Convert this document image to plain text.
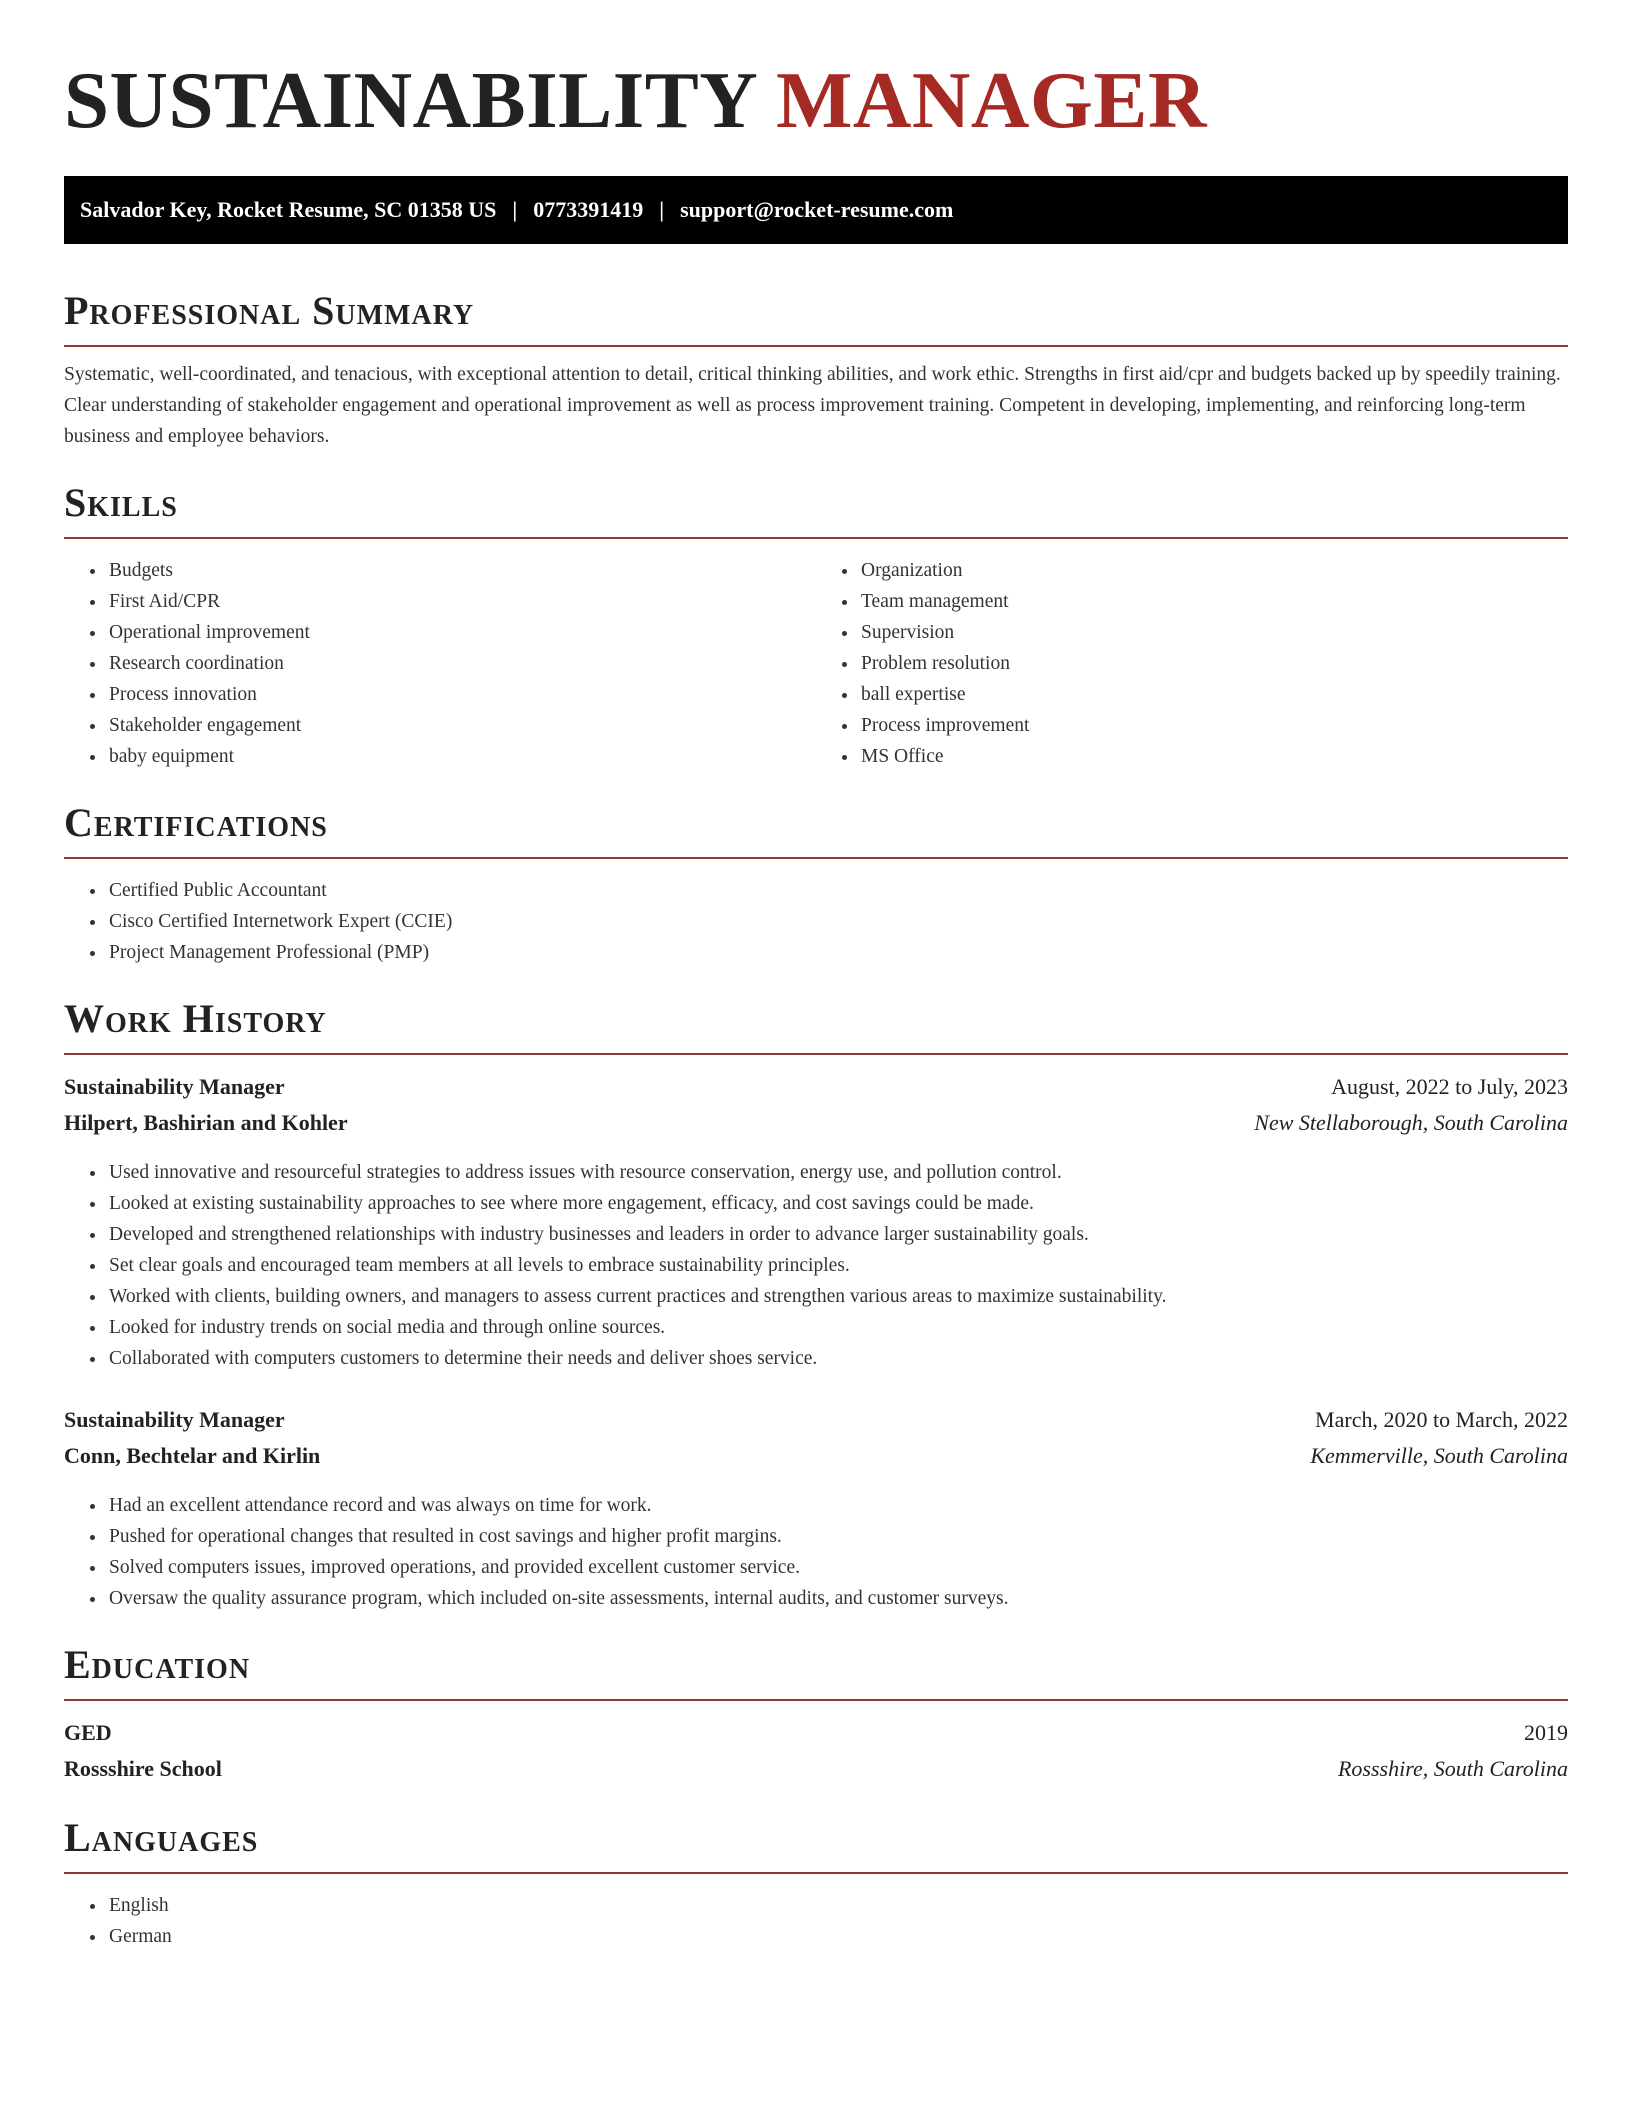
SUSTAINABILITY MANAGER
Salvador Key, Rocket Resume, SC 01358 US | 0773391419 | support@rocket-resume.com
Professional Summary

Systematic, well-coordinated, and tenacious, with exceptional attention to detail, critical thinking abilities, and work ethic. Strengths in first aid/cpr and budgets backed up by speedily training. Clear understanding of stakeholder engagement and operational improvement as well as process improvement training. Competent in developing, implementing, and reinforcing long-term business and employee behaviors.

Skills
• Budgets
• First Aid/CPR
• Operational improvement
• Research coordination
• Process innovation
• Stakeholder engagement
• baby equipment
• Organization
• Team management
• Supervision
• Problem resolution
• ball expertise
• Process improvement
• MS Office
Certifications
• Certified Public Accountant
• Cisco Certified Internetwork Expert (CCIE)
• Project Management Professional (PMP)
Work History
Sustainability Manager	August, 2022 to July, 2023
Hilpert, Bashirian and Kohler	New Stellaborough, South Carolina
• Used innovative and resourceful strategies to address issues with resource conservation, energy use, and pollution control.
• Looked at existing sustainability approaches to see where more engagement, efficacy, and cost savings could be made.
• Developed and strengthened relationships with industry businesses and leaders in order to advance larger sustainability goals.
• Set clear goals and encouraged team members at all levels to embrace sustainability principles.
• Worked with clients, building owners, and managers to assess current practices and strengthen various areas to maximize sustainability.
• Looked for industry trends on social media and through online sources.
• Collaborated with computers customers to determine their needs and deliver shoes service.
Sustainability Manager	March, 2020 to March, 2022
Conn, Bechtelar and Kirlin	Kemmerville, South Carolina
• Had an excellent attendance record and was always on time for work.
• Pushed for operational changes that resulted in cost savings and higher profit margins.
• Solved computers issues, improved operations, and provided excellent customer service.
• Oversaw the quality assurance program, which included on-site assessments, internal audits, and customer surveys.
Education
GED	2019
Rossshire School	Rossshire, South Carolina
Languages
• English
• German
